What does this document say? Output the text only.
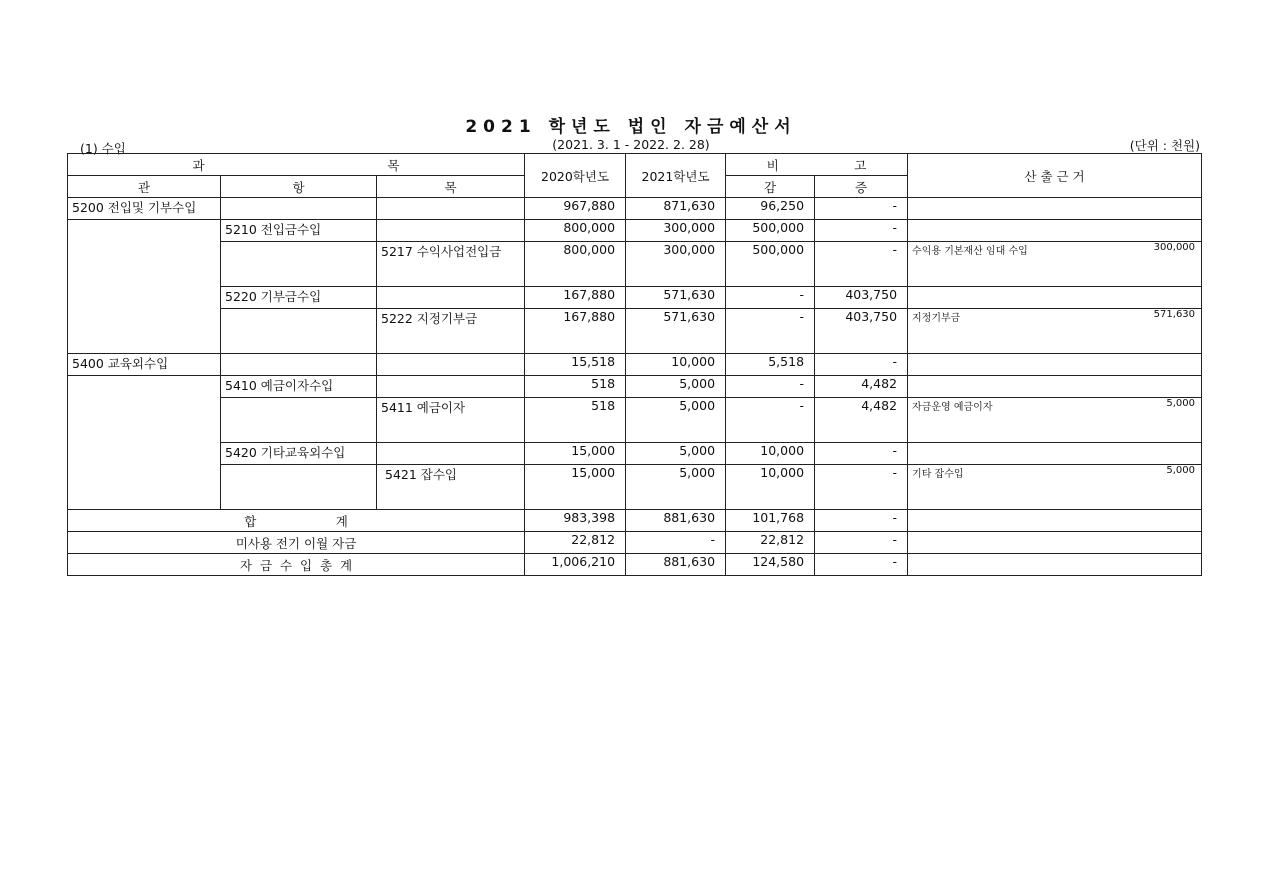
2021 학년도 법인 자금예산서
(2021. 3. 1 - 2022. 2. 28)
(1) 수입	(단위 : 천원)
과                                              목			2020학년도	2021학년도	비                   고		산 출 근 거
관	항	목			감	증	
5200 전입및 기부수입			967,880	871,630	96,250	-	

	5210 전입금수입		800,000	300,000	500,000	-	

		5217 수익사업전입금	800,000	300,000	500,000	-	수익용 기본재산 임대 수입 300,000

	5220 기부금수입		167,880	571,630	-	403,750	

		5222 지정기부금	167,880	571,630	-	403,750	지정기부금 571,630

5400 교육외수입			15,518	10,000	5,518	-	

	5410 예금이자수입		518	5,000	-	4,482	

		5411 예금이자	518	5,000	-	4,482	자금운영 예금이자 5,000

	5420 기타교육외수입		15,000	5,000	10,000	-	

		5421 잡수입	15,000	5,000	10,000	-	기타 잡수입 5,000

합                    계			983,398	881,630	101,768	-	
미사용 전기 이월 자금			22,812	-	22,812	-	
자  금  수  입  총  계			1,006,210	881,630	124,580	-	
